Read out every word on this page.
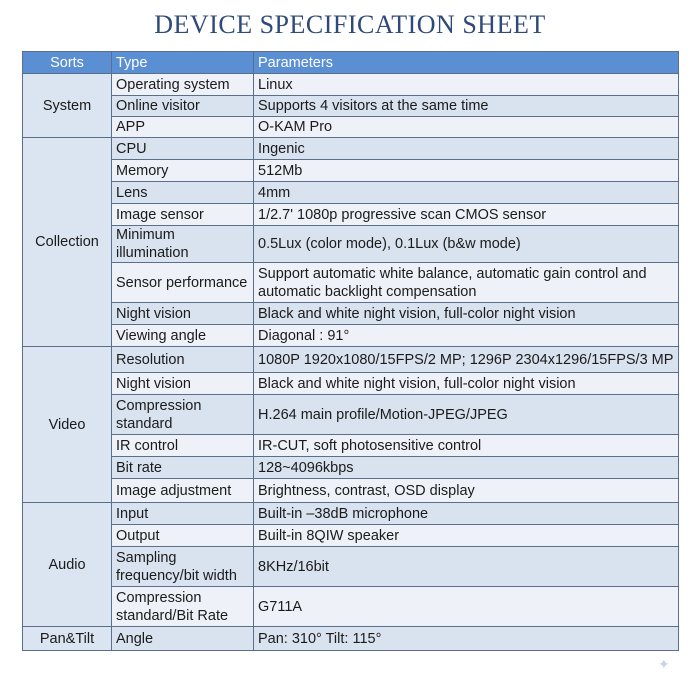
DEVICE SPECIFICATION SHEET
Sorts	Type	Parameters
System	Operating system	Linux
	Online visitor	Supports 4 visitors at the same time
	APP	O-KAM Pro
Collection	CPU	Ingenic
	Memory	512Mb
	Lens	4mm
	Image sensor	1/2.7' 1080p progressive scan CMOS sensor
	Minimum illumination	0.5Lux (color mode), 0.1Lux (b&w mode)
	Sensor performance	Support automatic white balance, automatic gain control and automatic backlight compensation
	Night vision	Black and white night vision, full-color night vision
	Viewing angle	Diagonal : 91°
Video	Resolution	1080P 1920x1080/15FPS/2 MP; 1296P 2304x1296/15FPS/3 MP
	Night vision	Black and white night vision, full-color night vision
	Compression standard	H.264 main profile/Motion-JPEG/JPEG
	IR control	IR-CUT, soft photosensitive control
	Bit rate	128~4096kbps
	Image adjustment	Brightness, contrast, OSD display
Audio	Input	Built-in –38dB microphone
	Output	Built-in 8QIW speaker
	Sampling frequency/bit width	8KHz/16bit
	Compression standard/Bit Rate	G711A
Pan&Tilt	Angle	Pan: 310° Tilt: 115°
✦
